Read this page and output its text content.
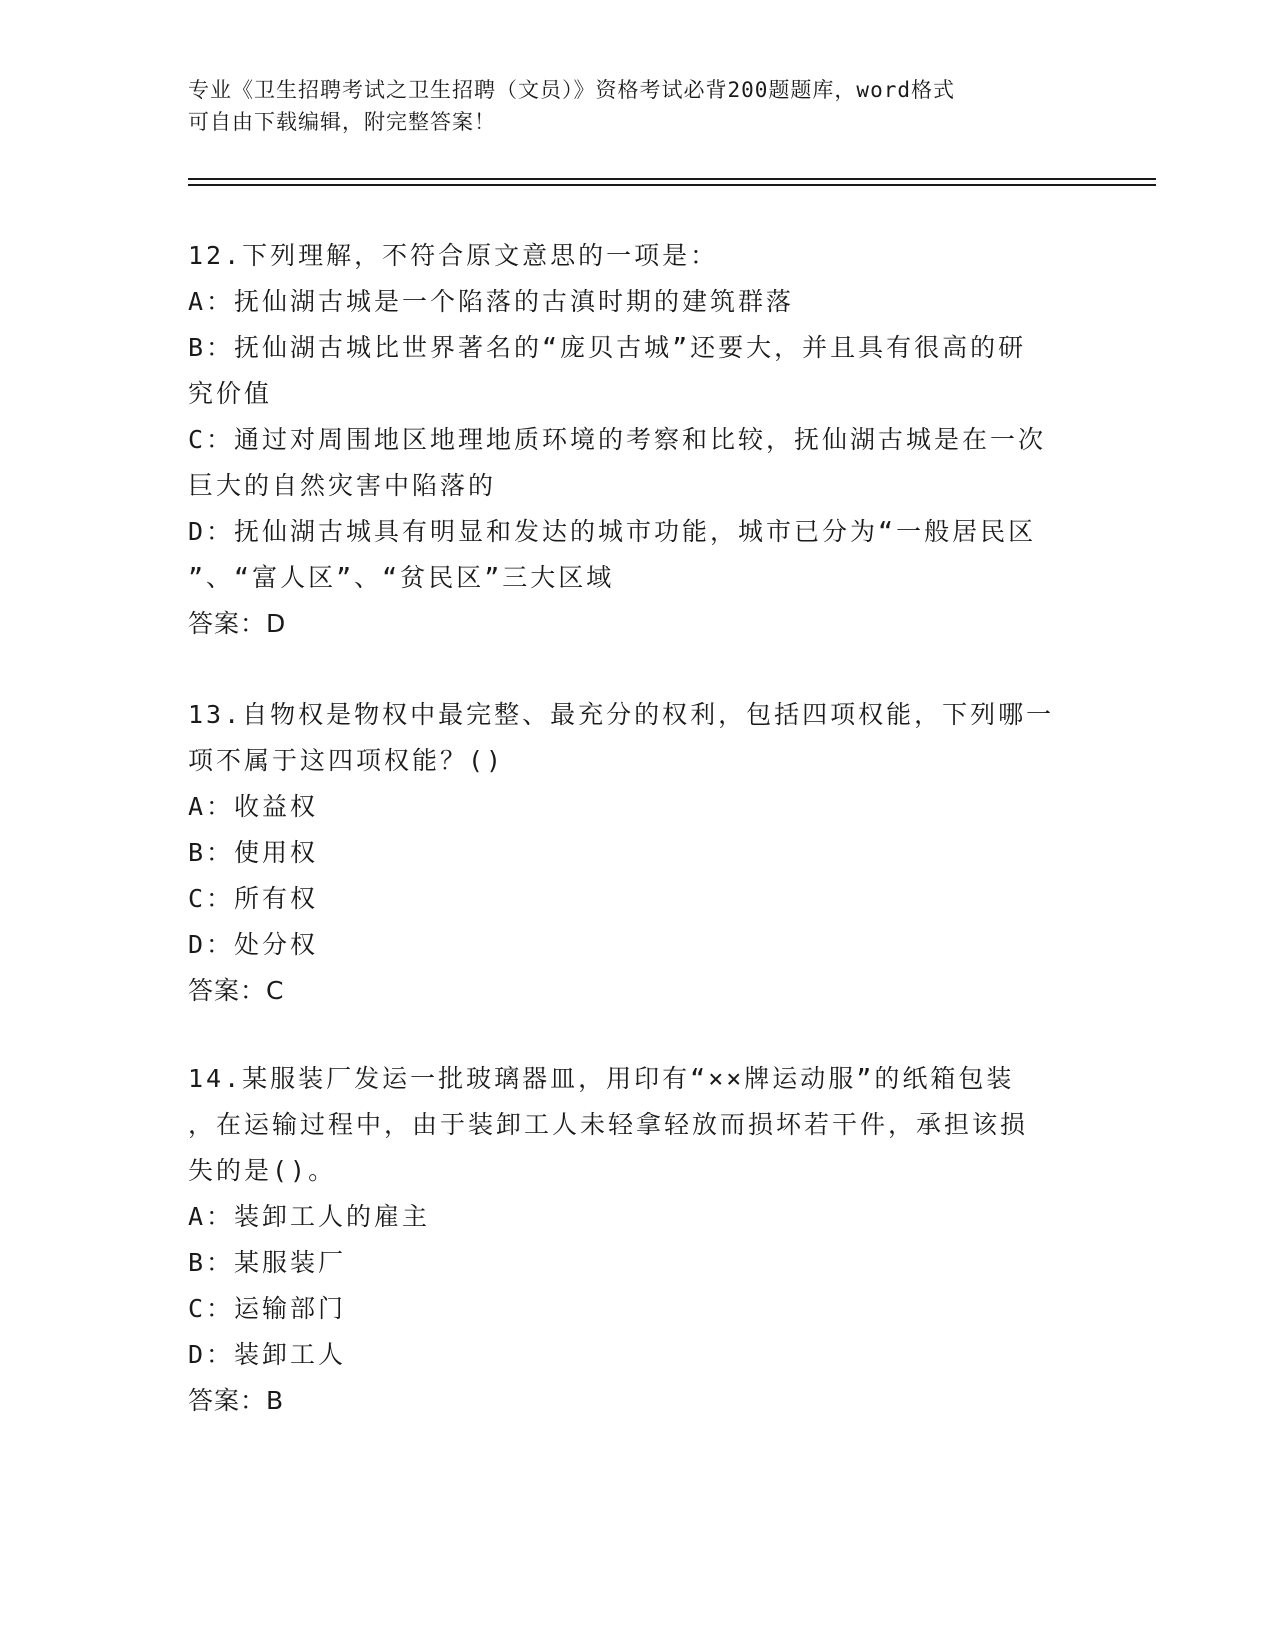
专业《卫生招聘考试之卫生招聘（文员）》资格考试必背200题题库，word格式
可自由下载编辑，附完整答案！
12.下列理解，不符合原文意思的一项是：
A：抚仙湖古城是一个陷落的古滇时期的建筑群落
B：抚仙湖古城比世界著名的“庞贝古城”还要大，并且具有很高的研
究价值
C：通过对周围地区地理地质环境的考察和比较，抚仙湖古城是在一次
巨大的自然灾害中陷落的
D：抚仙湖古城具有明显和发达的城市功能，城市已分为“一般居民区
”、“富人区”、“贫民区”三大区域
答案：D
13.自物权是物权中最完整、最充分的权利，包括四项权能，下列哪一
项不属于这四项权能？()
A：收益权
B：使用权
C：所有权
D：处分权
答案：C
14.某服装厂发运一批玻璃器皿，用印有“××牌运动服”的纸箱包装
，在运输过程中，由于装卸工人未轻拿轻放而损坏若干件，承担该损
失的是()。
A：装卸工人的雇主
B：某服装厂
C：运输部门
D：装卸工人
答案：B
